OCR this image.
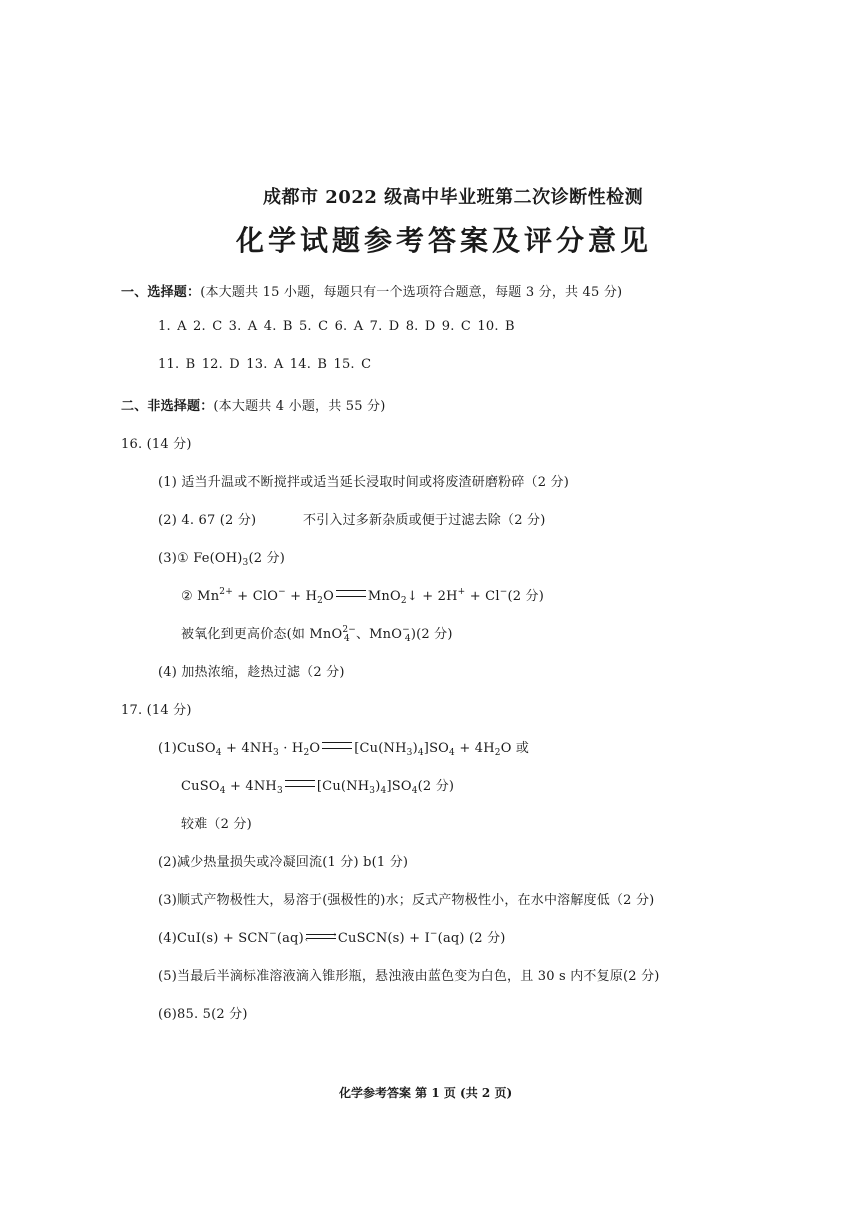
成都市 2022 级高中毕业班第二次诊断性检测
化学试题参考答案及评分意见
一、选择题：(本大题共 15 小题，每题只有一个选项符合题意，每题 3 分，共 45 分)
1. A 2. C 3. A 4. B 5. C 6. A 7. D 8. D 9. C 10. B
11. B 12. D 13. A 14. B 15. C
二、非选择题：(本大题共 4 小题，共 55 分)
16. (14 分)
(1) 适当升温或不断搅拌或适当延长浸取时间或将废渣研磨粉碎（2 分)
(2) 4. 67 (2 分)	不引入过多新杂质或便于过滤去除（2 分)
(3)① $Fe(OH)_3(2$ 分)
② $Mn^{2+} + ClO^- + H_2O$	MnO$_2$↓ + 2H+ + Cl−(2 分)
被氧化到更高价态(如 MnO$^{2-}_4$ 、MnO−$_4$)(2 分)
(4) 加热浓缩，趁热过滤（2 分)
17. (14 分)
(1)CuSO$_4$ + $4NH_3 \cdot H_2O$	$[Cu(NH_3)_4]SO_4 + 4H_2O$ 或
CuSO$_4$ + $4NH_3$	$[Cu(NH_3)_4]SO_4(2$ 分)
较难（2 分)
(2)减少热量损失或冷凝回流(1 分) b(1 分)
(3)顺式产物极性大，易溶于(强极性的)水；反式产物极性小，在水中溶解度低（2 分)
(4)CuI(s) + SCN−(aq)	›
‹ CuSCN(s) + I−(aq) (2 分)
(5)当最后半滴标准溶液滴入锥形瓶，悬浊液由蓝色变为白色，且 30 s 内不复原(2 分)
(6)85. 5(2 分)
化学参考答案 第 1 页 (共 2 页)
